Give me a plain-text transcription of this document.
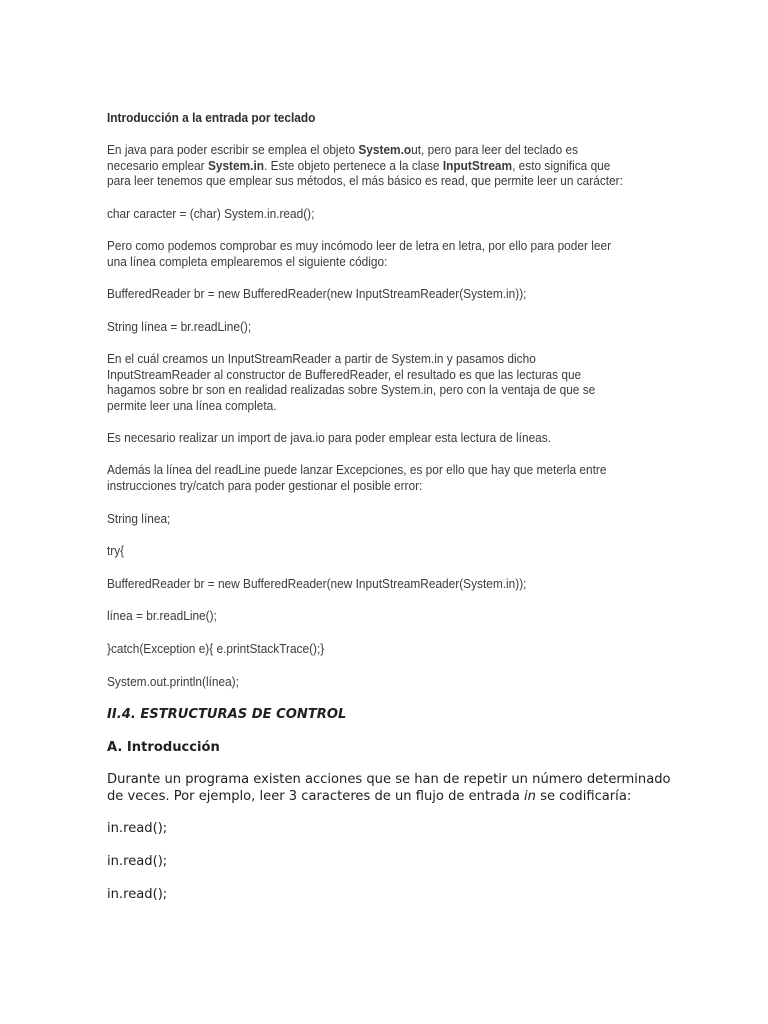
Introducción a la entrada por teclado

En java para poder escribir se emplea el objeto System.out, pero para leer del teclado es
necesario emplear System.in. Este objeto pertenece a la clase InputStream, esto significa que
para leer tenemos que emplear sus métodos, el más básico es read, que permite leer un carácter:

char caracter = (char) System.in.read();

Pero como podemos comprobar es muy incómodo leer de letra en letra, por ello para poder leer
una línea completa emplearemos el siguiente código:

BufferedReader br = new BufferedReader(new InputStreamReader(System.in));

String línea = br.readLine();

En el cuál creamos un InputStreamReader a partir de System.in y pasamos dicho
InputStreamReader al constructor de BufferedReader, el resultado es que las lecturas que
hagamos sobre br son en realidad realizadas sobre System.in, pero con la ventaja de que se
permite leer una línea completa.

Es necesario realizar un import de java.io para poder emplear esta lectura de líneas.

Además la línea del readLine puede lanzar Excepciones, es por ello que hay que meterla entre
instrucciones try/catch para poder gestionar el posible error:

String línea;

try{

BufferedReader br = new BufferedReader(new InputStreamReader(System.in));

línea = br.readLine();

}catch(Exception e){ e.printStackTrace();}

System.out.println(línea);

II.4. ESTRUCTURAS DE CONTROL

A. Introducción

Durante un programa existen acciones que se han de repetir un número determinado
de veces. Por ejemplo, leer 3 caracteres de un flujo de entrada in se codificaría:

in.read();

in.read();

in.read();
